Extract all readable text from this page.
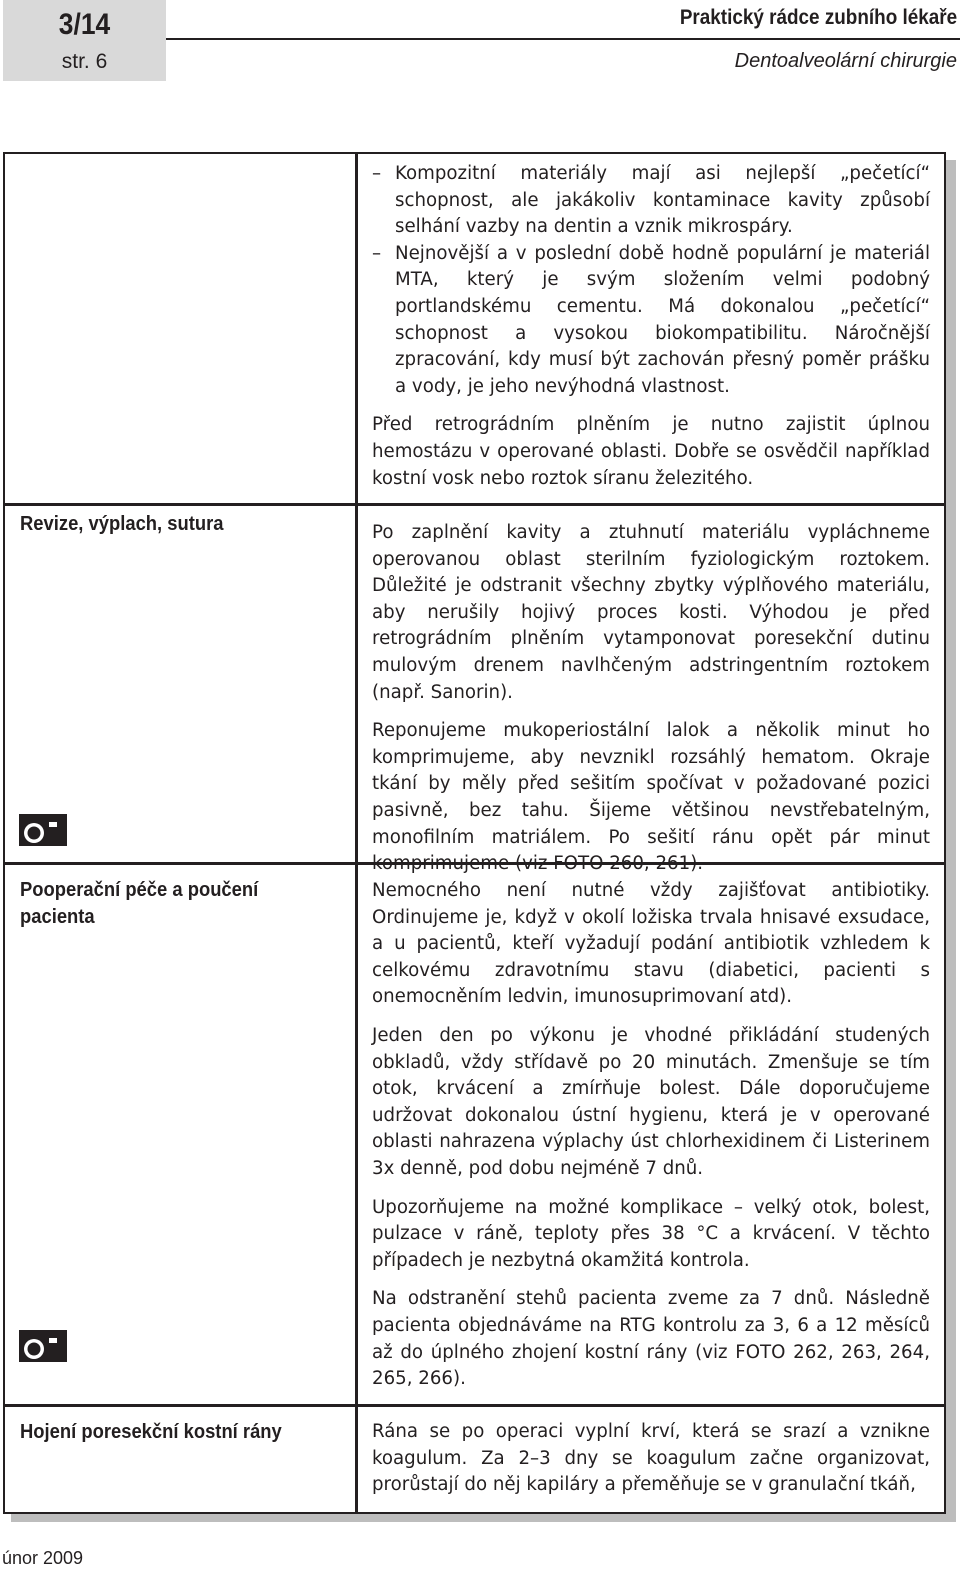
3/14
str. 6
Praktický rádce zubního lékaře
Dentoalveolární chirurgie
Revize, výplach, sutura
Pooperační péče a poučení pacienta
Hojení poresekční kostní rány
– Kompozitní materiály mají asi nejlepší „pečetící“ schopnost, ale jakákoliv kontaminace kavity způsobí selhání vazby na dentin a vznik mikrospáry.
– Nejnovější a v poslední době hodně populární je materiál MTA, který je svým složením velmi podobný portlandskému cementu. Má dokonalou „pečetící“ schopnost a vysokou biokompatibilitu. Náročnější zpracování, kdy musí být zachován přesný poměr prášku a vody, je jeho nevýhodná vlastnost.

Před retrográdním plněním je nutno zajistit úplnou hemostázu v operované oblasti. Dobře se osvědčil například kostní vosk nebo roztok síranu železitého.

Po zaplnění kavity a ztuhnutí materiálu vypláchneme operovanou oblast sterilním fyziologickým roztokem. Důležité je odstranit všechny zbytky výplňového materiálu, aby nerušily hojivý proces kosti. Výhodou je před retrográdním plněním vytamponovat poresekční dutinu mulovým drenem navlhčeným adstringentním roztokem (např. Sanorin).

Reponujeme mukoperiostální lalok a několik minut ho komprimujeme, aby nevznikl rozsáhlý hematom. Okraje tkání by měly před sešitím spočívat v požadované pozici pasivně, bez tahu. Šijeme většinou nevstřebatelným, monofilním matriálem. Po sešití ránu opět pár minut komprimujeme (viz FOTO 260, 261).

Nemocného není nutné vždy zajišťovat antibiotiky. Ordinujeme je, když v okolí ložiska trvala hnisavé exsudace, a u pacientů, kteří vyžadují podání antibiotik vzhledem k celkovému zdravotnímu stavu (diabetici, pacienti s onemocněním ledvin, imunosuprimovaní atd).

Jeden den po výkonu je vhodné přikládání studených obkladů, vždy střídavě po 20 minutách. Zmenšuje se tím otok, krvácení a zmírňuje bolest. Dále doporučujeme udržovat dokonalou ústní hygienu, která je v operované oblasti nahrazena výplachy úst chlorhexidinem či Listerinem 3x denně, pod dobu nejméně 7 dnů.

Upozorňujeme na možné komplikace – velký otok, bolest, pulzace v ráně, teploty přes 38 °C a krvácení. V těchto případech je nezbytná okamžitá kontrola.

Na odstranění stehů pacienta zveme za 7 dnů. Následně pacienta objednáváme na RTG kontrolu za 3, 6 a 12 měsíců až do úplného zhojení kostní rány (viz FOTO 262, 263, 264, 265, 266).

Rána se po operaci vyplní krví, která se srazí a vznikne koagulum. Za 2–3 dny se koagulum začne organizovat, prorůstají do něj kapiláry a přeměňuje se v granulační tkáň,

únor 2009
